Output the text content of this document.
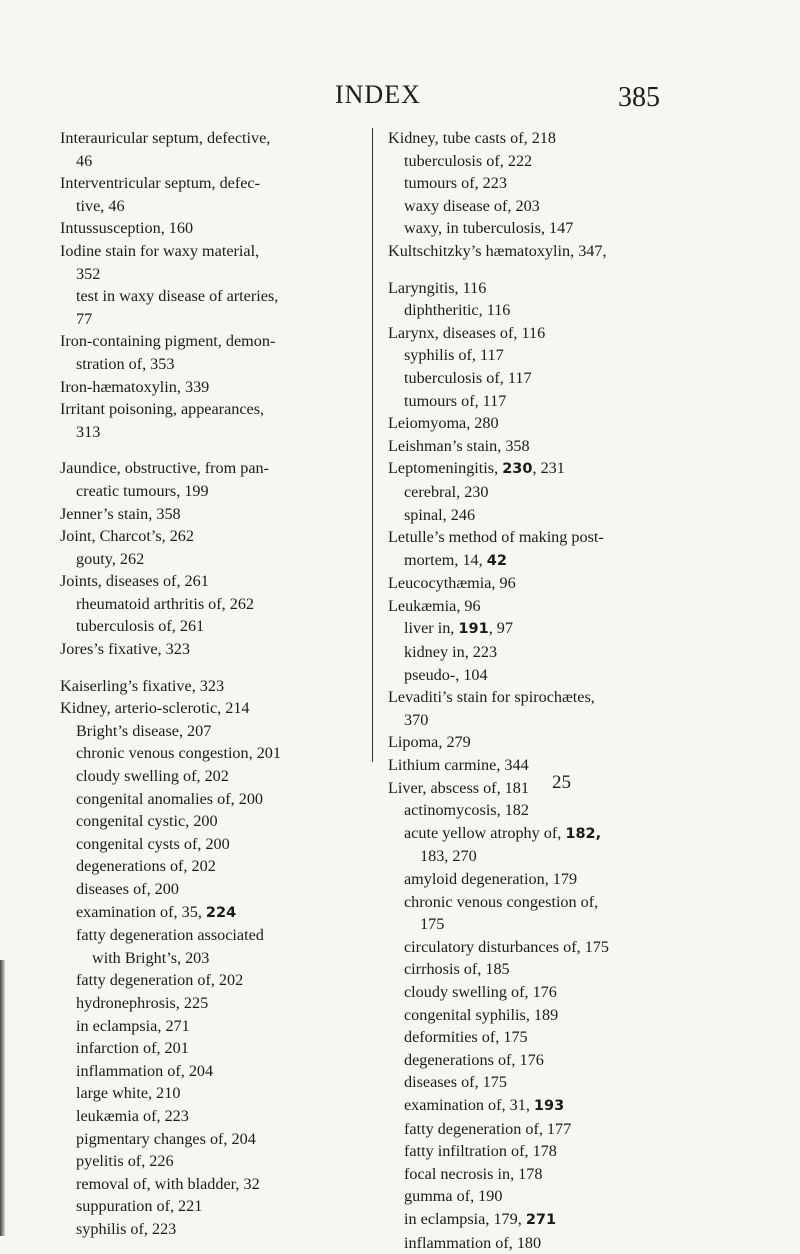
INDEX	385
Interauricular septum, defective,
46
Interventricular septum, defec-
tive, 46
Intussusception, 160
Iodine stain for waxy material,
352
test in waxy disease of arteries,
77
Iron-containing pigment, demon-
stration of, 353
Iron-hæmatoxylin, 339
Irritant poisoning, appearances,
313
Jaundice, obstructive, from pan-
creatic tumours, 199
Jenner’s stain, 358
Joint, Charcot’s, 262
gouty, 262
Joints, diseases of, 261
rheumatoid arthritis of, 262
tuberculosis of, 261
Jores’s fixative, 323
Kaiserling’s fixative, 323
Kidney, arterio-sclerotic, 214
Bright’s disease, 207
chronic venous congestion, 201
cloudy swelling of, 202
congenital anomalies of, 200
congenital cystic, 200
congenital cysts of, 200
degenerations of, 202
diseases of, 200
examination of, 35, 224
fatty degeneration associated
with Bright’s, 203
fatty degeneration of, 202
hydronephrosis, 225
in eclampsia, 271
infarction of, 201
inflammation of, 204
large white, 210
leukæmia of, 223
pigmentary changes of, 204
pyelitis of, 226
removal of, with bladder, 32
suppuration of, 221
syphilis of, 223
Kidney, tube casts of, 218
tuberculosis of, 222
tumours of, 223
waxy disease of, 203
waxy, in tuberculosis, 147
Kultschitzky’s hæmatoxylin, 347,
Laryngitis, 116
diphtheritic, 116
Larynx, diseases of, 116
syphilis of, 117
tuberculosis of, 117
tumours of, 117
Leiomyoma, 280
Leishman’s stain, 358
Leptomeningitis, 230, 231
cerebral, 230
spinal, 246
Letulle’s method of making post-
mortem, 14, 42
Leucocythæmia, 96
Leukæmia, 96
liver in, 191, 97
kidney in, 223
pseudo-, 104
Levaditi’s stain for spirochætes,
370
Lipoma, 279
Lithium carmine, 344
Liver, abscess of, 181
actinomycosis, 182
acute yellow atrophy of, 182,
183, 270
amyloid degeneration, 179
chronic venous congestion of,
175
circulatory disturbances of, 175
cirrhosis of, 185
cloudy swelling of, 176
congenital syphilis, 189
deformities of, 175
degenerations of, 176
diseases of, 175
examination of, 31, 193
fatty degeneration of, 177
fatty infiltration of, 178
focal necrosis in, 178
gumma of, 190
in eclampsia, 179, 271
inflammation of, 180
25
